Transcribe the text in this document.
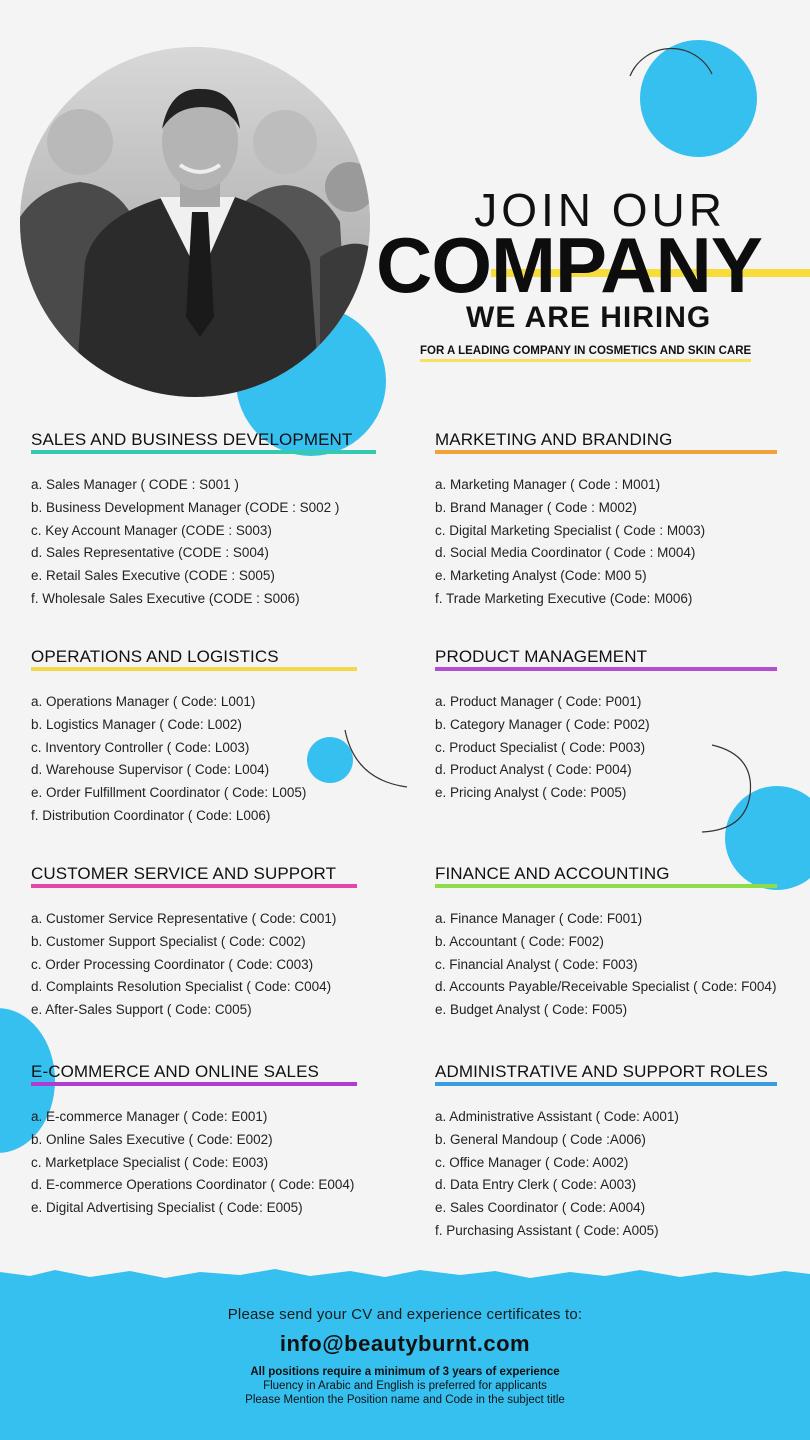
JOIN OUR
COMPANY
WE ARE HIRING
FOR A LEADING COMPANY IN COSMETICS AND SKIN CARE
SALES AND BUSINESS DEVELOPMENT
a. Sales Manager ( CODE : S001 )
b. Business Development Manager (CODE : S002 )
c. Key Account Manager (CODE : S003)
d. Sales Representative (CODE : S004)
e. Retail Sales Executive (CODE : S005)
f. Wholesale Sales Executive (CODE : S006)
MARKETING AND BRANDING
a. Marketing Manager ( Code : M001)
b. Brand Manager ( Code : M002)
c. Digital Marketing Specialist ( Code : M003)
d. Social Media Coordinator ( Code : M004)
e. Marketing Analyst (Code: M00 5)
f. Trade Marketing Executive (Code: M006)
OPERATIONS AND LOGISTICS
a. Operations Manager ( Code: L001)
b. Logistics Manager ( Code: L002)
c. Inventory Controller ( Code: L003)
d. Warehouse Supervisor ( Code: L004)
e. Order Fulfillment Coordinator ( Code: L005)
f. Distribution Coordinator ( Code: L006)
PRODUCT MANAGEMENT
a. Product Manager ( Code: P001)
b. Category Manager ( Code: P002)
c. Product Specialist ( Code: P003)
d. Product Analyst ( Code: P004)
e. Pricing Analyst ( Code: P005)
CUSTOMER SERVICE AND SUPPORT
a. Customer Service Representative ( Code: C001)
b. Customer Support Specialist ( Code: C002)
c. Order Processing Coordinator ( Code: C003)
d. Complaints Resolution Specialist ( Code: C004)
e. After-Sales Support ( Code: C005)
FINANCE AND ACCOUNTING
a. Finance Manager ( Code: F001)
b. Accountant ( Code: F002)
c. Financial Analyst ( Code: F003)
d. Accounts Payable/Receivable Specialist ( Code: F004)
e. Budget Analyst ( Code: F005)
E-COMMERCE AND ONLINE SALES
a. E-commerce Manager ( Code: E001)
b. Online Sales Executive ( Code: E002)
c. Marketplace Specialist ( Code: E003)
d. E-commerce Operations Coordinator ( Code: E004)
e. Digital Advertising Specialist ( Code: E005)
ADMINISTRATIVE AND SUPPORT ROLES
a. Administrative Assistant ( Code: A001)
b. General Mandoup ( Code :A006)
c. Office Manager ( Code: A002)
d. Data Entry Clerk ( Code: A003)
e. Sales Coordinator ( Code: A004)
f. Purchasing Assistant ( Code: A005)
Please send your CV and experience certificates to:
info@beautyburnt.com
All positions require a minimum of 3 years of experience
Fluency in Arabic and English is preferred for applicants
Please Mention the Position name and Code in the subject title
